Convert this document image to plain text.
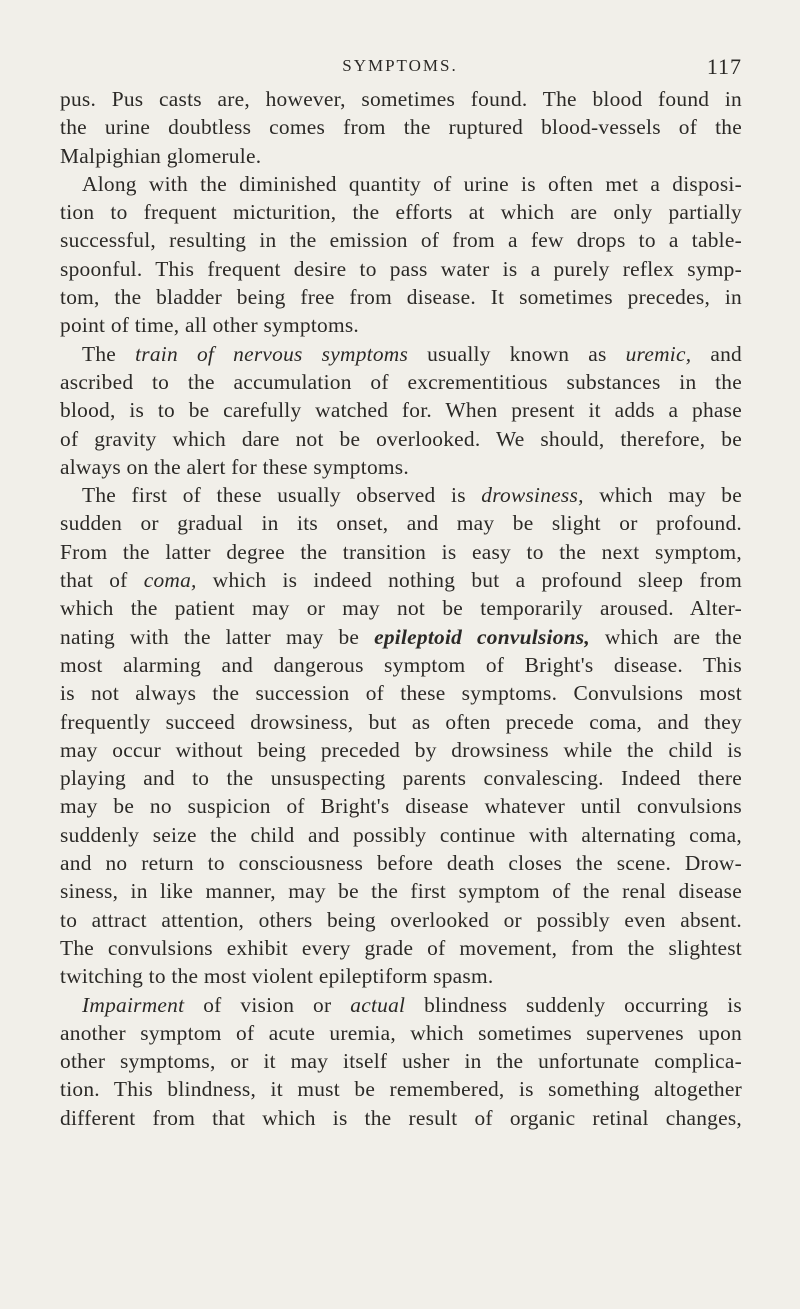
SYMPTOMS.	117
pus. Pus casts are, however, sometimes found. The blood found in
the urine doubtless comes from the ruptured blood-vessels of the
Malpighian glomerule.
Along with the diminished quantity of urine is often met a disposi-
tion to frequent micturition, the efforts at which are only partially
successful, resulting in the emission of from a few drops to a table-
spoonful. This frequent desire to pass water is a purely reflex symp-
tom, the bladder being free from disease. It sometimes precedes, in
point of time, all other symptoms.
The train of nervous symptoms usually known as uremic, and
ascribed to the accumulation of excrementitious substances in the
blood, is to be carefully watched for. When present it adds a phase
of gravity which dare not be overlooked. We should, therefore, be
always on the alert for these symptoms.
The first of these usually observed is drowsiness, which may be
sudden or gradual in its onset, and may be slight or profound.
From the latter degree the transition is easy to the next symptom,
that of coma, which is indeed nothing but a profound sleep from
which the patient may or may not be temporarily aroused. Alter-
nating with the latter may be epileptoid convulsions, which are the
most alarming and dangerous symptom of Bright's disease. This
is not always the succession of these symptoms. Convulsions most
frequently succeed drowsiness, but as often precede coma, and they
may occur without being preceded by drowsiness while the child is
playing and to the unsuspecting parents convalescing. Indeed there
may be no suspicion of Bright's disease whatever until convulsions
suddenly seize the child and possibly continue with alternating coma,
and no return to consciousness before death closes the scene. Drow-
siness, in like manner, may be the first symptom of the renal disease
to attract attention, others being overlooked or possibly even absent.
The convulsions exhibit every grade of movement, from the slightest
twitching to the most violent epileptiform spasm.
Impairment of vision or actual blindness suddenly occurring is
another symptom of acute uremia, which sometimes supervenes upon
other symptoms, or it may itself usher in the unfortunate complica-
tion. This blindness, it must be remembered, is something altogether
different from that which is the result of organic retinal changes,
